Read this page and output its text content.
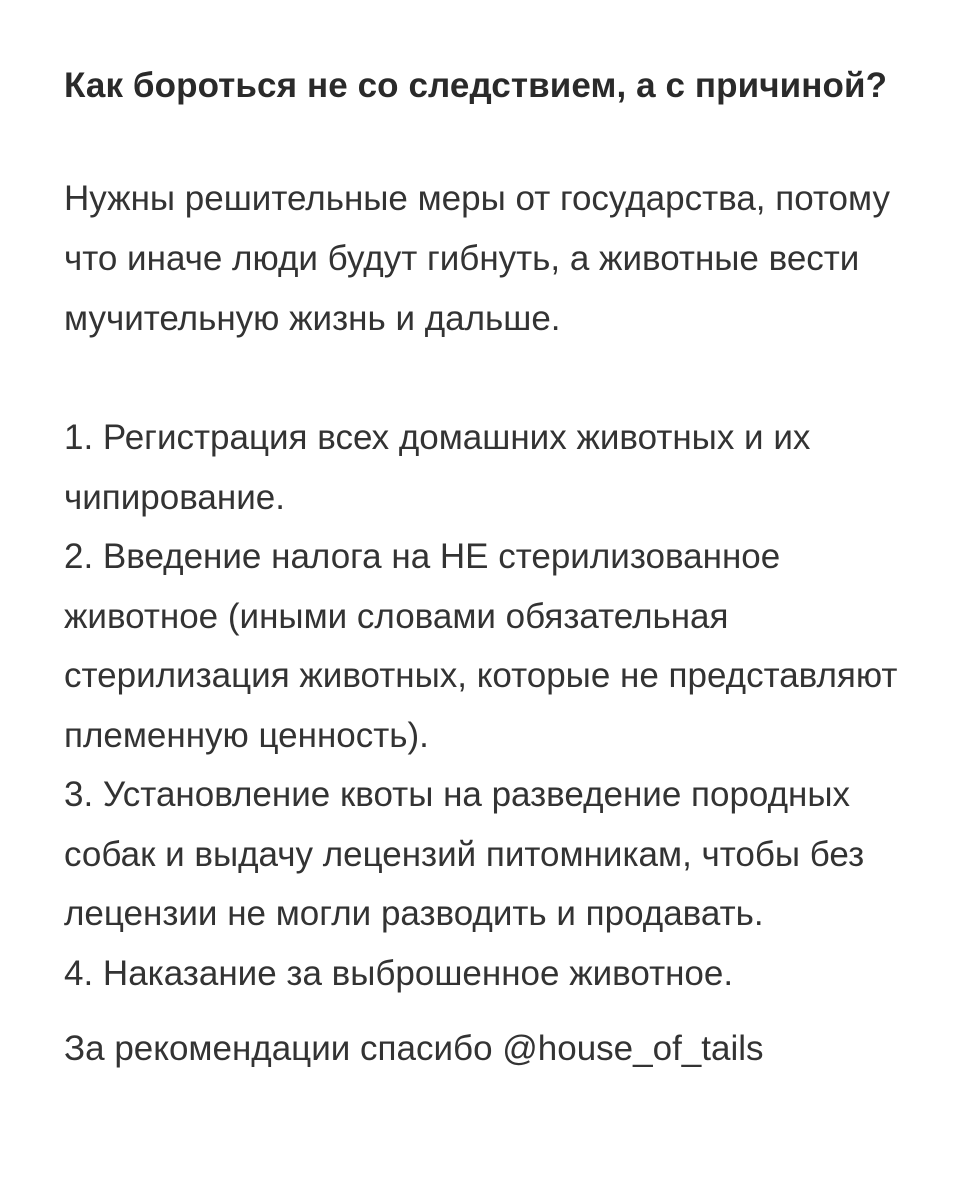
Как бороться не со следствием, а с причиной?

Нужны решительные меры от государства, потому что иначе люди будут гибнуть, а животные вести мучительную жизнь и дальше.

1. Регистрация всех домашних животных и их чипирование.
2. Введение налога на НЕ стерилизованное животное (иными словами обязательная стерилизация животных, которые не представляют племенную ценность).
3. Установление квоты на разведение породных собак и выдачу лецензий питомникам, чтобы без лецензии не могли разводить и продавать.
4. Наказание за выброшенное животное.

За рекомендации спасибо @house_of_tails
